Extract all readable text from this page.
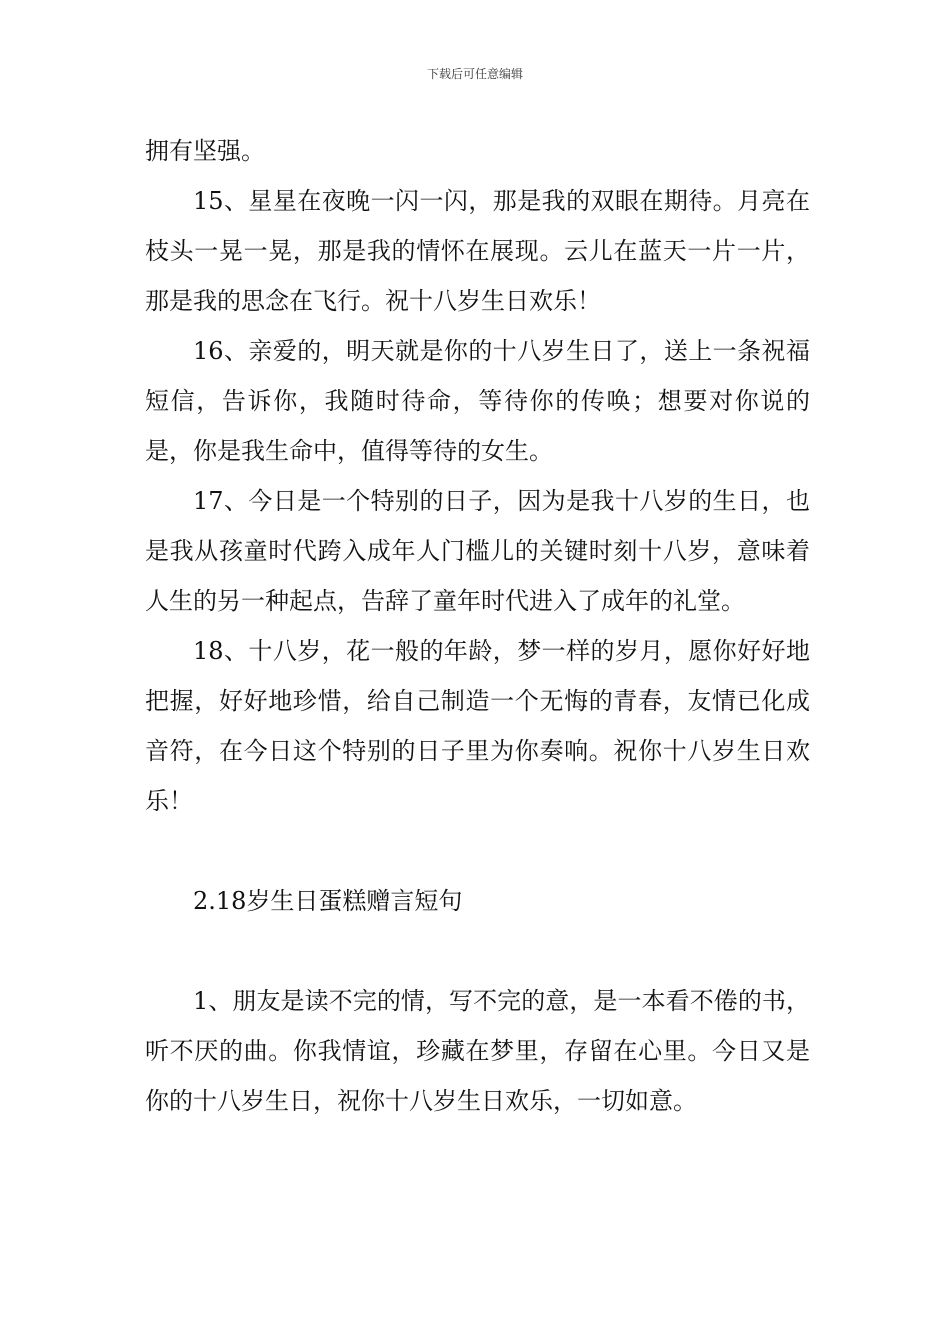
下载后可任意编辑

拥有坚强。

15、星星在夜晚一闪一闪，那是我的双眼在期待。月亮在枝头一晃一晃，那是我的情怀在展现。云儿在蓝天一片一片，那是我的思念在飞行。祝十八岁生日欢乐！

16、亲爱的，明天就是你的十八岁生日了，送上一条祝福短信，告诉你，我随时待命，等待你的传唤；想要对你说的是，你是我生命中，值得等待的女生。

17、今日是一个特别的日子，因为是我十八岁的生日，也是我从孩童时代跨入成年人门槛儿的关键时刻十八岁，意味着人生的另一种起点，告辞了童年时代进入了成年的礼堂。

18、十八岁，花一般的年龄，梦一样的岁月，愿你好好地把握，好好地珍惜，给自己制造一个无悔的青春，友情已化成音符，在今日这个特别的日子里为你奏响。祝你十八岁生日欢乐！

2.18岁生日蛋糕赠言短句

1、朋友是读不完的情，写不完的意，是一本看不倦的书，听不厌的曲。你我情谊，珍藏在梦里，存留在心里。今日又是你的十八岁生日，祝你十八岁生日欢乐，一切如意。
